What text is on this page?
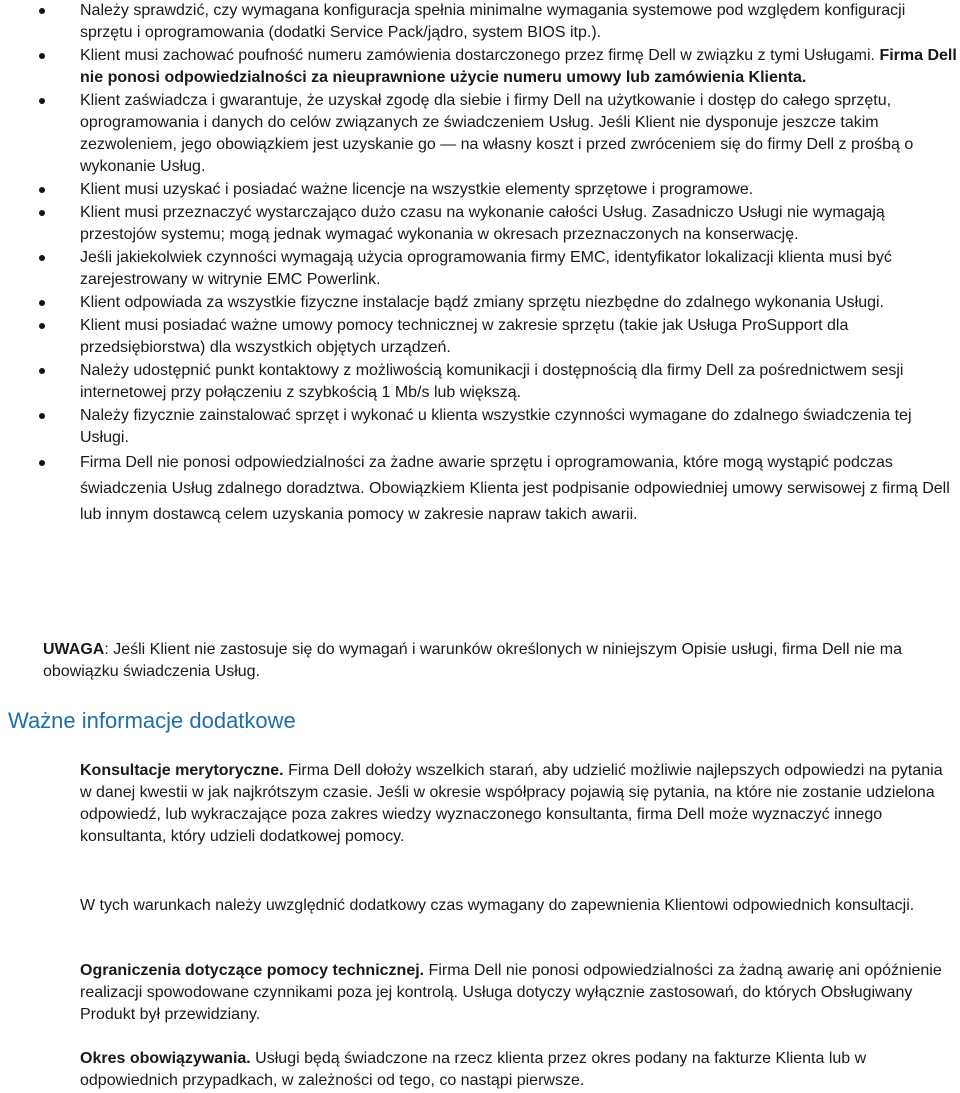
Należy sprawdzić, czy wymagana konfiguracja spełnia minimalne wymagania systemowe pod względem konfiguracji sprzętu i oprogramowania (dodatki Service Pack/jądro, system BIOS itp.).
Klient musi zachować poufność numeru zamówienia dostarczonego przez firmę Dell w związku z tymi Usługami. Firma Dell nie ponosi odpowiedzialności za nieuprawnione użycie numeru umowy lub zamówienia Klienta.
Klient zaświadcza i gwarantuje, że uzyskał zgodę dla siebie i firmy Dell na użytkowanie i dostęp do całego sprzętu, oprogramowania i danych do celów związanych ze świadczeniem Usług. Jeśli Klient nie dysponuje jeszcze takim zezwoleniem, jego obowiązkiem jest uzyskanie go — na własny koszt i przed zwróceniem się do firmy Dell z prośbą o wykonanie Usług.
Klient musi uzyskać i posiadać ważne licencje na wszystkie elementy sprzętowe i programowe.
Klient musi przeznaczyć wystarczająco dużo czasu na wykonanie całości Usług. Zasadniczo Usługi nie wymagają przestojów systemu; mogą jednak wymagać wykonania w okresach przeznaczonych na konserwację.
Jeśli jakiekolwiek czynności wymagają użycia oprogramowania firmy EMC, identyfikator lokalizacji klienta musi być zarejestrowany w witrynie EMC Powerlink.
Klient odpowiada za wszystkie fizyczne instalacje bądź zmiany sprzętu niezbędne do zdalnego wykonania Usługi.
Klient musi posiadać ważne umowy pomocy technicznej w zakresie sprzętu (takie jak Usługa ProSupport dla przedsiębiorstwa) dla wszystkich objętych urządzeń.
Należy udostępnić punkt kontaktowy z możliwością komunikacji i dostępnością dla firmy Dell za pośrednictwem sesji internetowej przy połączeniu z szybkością 1 Mb/s lub większą.
Należy fizycznie zainstalować sprzęt i wykonać u klienta wszystkie czynności wymagane do zdalnego świadczenia tej Usługi.
Firma Dell nie ponosi odpowiedzialności za żadne awarie sprzętu i oprogramowania, które mogą wystąpić podczas świadczenia Usług zdalnego doradztwa. Obowiązkiem Klienta jest podpisanie odpowiedniej umowy serwisowej z firmą Dell lub innym dostawcą celem uzyskania pomocy w zakresie napraw takich awarii.

UWAGA: Jeśli Klient nie zastosuje się do wymagań i warunków określonych w niniejszym Opisie usługi, firma Dell nie ma obowiązku świadczenia Usług.

Ważne informacje dodatkowe

Konsultacje merytoryczne. Firma Dell dołoży wszelkich starań, aby udzielić możliwie najlepszych odpowiedzi na pytania w danej kwestii w jak najkrótszym czasie. Jeśli w okresie współpracy pojawią się pytania, na które nie zostanie udzielona odpowiedź, lub wykraczające poza zakres wiedzy wyznaczonego konsultanta, firma Dell może wyznaczyć innego konsultanta, który udzieli dodatkowej pomocy.

W tych warunkach należy uwzględnić dodatkowy czas wymagany do zapewnienia Klientowi odpowiednich konsultacji.

Ograniczenia dotyczące pomocy technicznej. Firma Dell nie ponosi odpowiedzialności za żadną awarię ani opóźnienie realizacji spowodowane czynnikami poza jej kontrolą. Usługa dotyczy wyłącznie zastosowań, do których Obsługiwany Produkt był przewidziany.

Okres obowiązywania. Usługi będą świadczone na rzecz klienta przez okres podany na fakturze Klienta lub w odpowiednich przypadkach, w zależności od tego, co nastąpi pierwsze.
